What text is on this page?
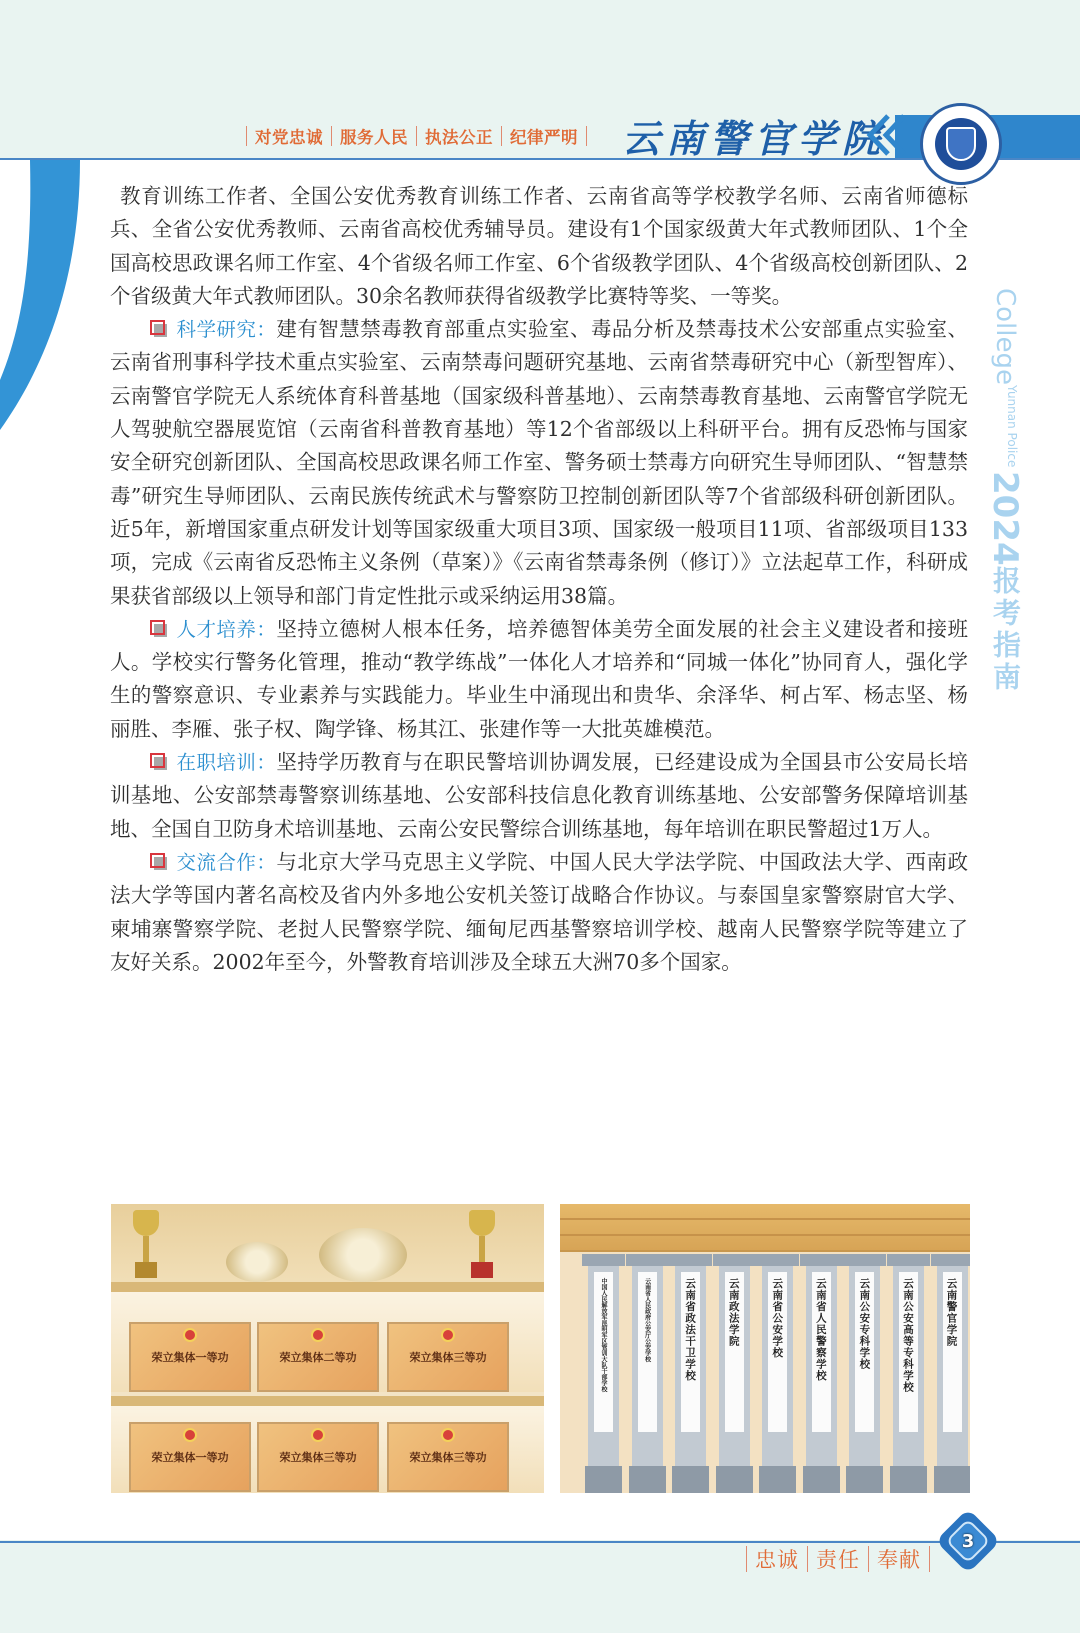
对党忠诚 服务人民 执法公正 纪律严明 云南警官学院
Yunnan Police
College
2024
报考指南

教育训练工作者、全国公安优秀教育训练工作者、云南省高等学校教学名师、云南省师德标兵、全省公安优秀教师、云南省高校优秀辅导员。建设有1个国家级黄大年式教师团队、1个全国高校思政课名师工作室、4个省级名师工作室、6个省级教学团队、4个省级高校创新团队、2个省级黄大年式教师团队。30余名教师获得省级教学比赛特等奖、一等奖。

科学研究：建有智慧禁毒教育部重点实验室、毒品分析及禁毒技术公安部重点实验室、云南省刑事科学技术重点实验室、云南禁毒问题研究基地、云南省禁毒研究中心（新型智库）、云南警官学院无人系统体育科普基地（国家级科普基地）、云南禁毒教育基地、云南警官学院无人驾驶航空器展览馆（云南省科普教育基地）等12个省部级以上科研平台。拥有反恐怖与国家安全研究创新团队、全国高校思政课名师工作室、警务硕士禁毒方向研究生导师团队、“智慧禁毒”研究生导师团队、云南民族传统武术与警察防卫控制创新团队等7个省部级科研创新团队。近5年，新增国家重点研发计划等国家级重大项目3项、国家级一般项目11项、省部级项目133项，完成《云南省反恐怖主义条例（草案）》《云南省禁毒条例（修订）》立法起草工作，科研成果获省部级以上领导和部门肯定性批示或采纳运用38篇。

人才培养：坚持立德树人根本任务，培养德智体美劳全面发展的社会主义建设者和接班人。学校实行警务化管理，推动“教学练战”一体化人才培养和“同城一体化”协同育人，强化学生的警察意识、专业素养与实践能力。毕业生中涌现出和贵华、余泽华、柯占军、杨志坚、杨丽胜、李雁、张子权、陶学锋、杨其江、张建作等一大批英雄模范。

在职培训：坚持学历教育与在职民警培训协调发展，已经建设成为全国县市公安局长培训基地、公安部禁毒警察训练基地、公安部科技信息化教育训练基地、公安部警务保障培训基地、全国自卫防身术培训基地、云南公安民警综合训练基地，每年培训在职民警超过1万人。

交流合作：与北京大学马克思主义学院、中国人民大学法学院、中国政法大学、西南政法大学等国内著名高校及省内外多地公安机关签订战略合作协议。与泰国皇家警察尉官大学、柬埔寨警察学院、老挝人民警察学院、缅甸尼西基警察培训学校、越南人民警察学院等建立了友好关系。2002年至今，外警教育培训涉及全球五大洲70多个国家。

荣立集体一等功	荣立集体二等功	荣立集体三等功
荣立集体一等功	荣立集体三等功	荣立集体三等功
中国人民解放军昆明军区管训大队干部学校	云南省人民政府公安厅公安学校	云南省政法干卫学校	云南政法学院	云南省公安学校	云南省人民警察学校	云南公安专科学校	云南公安高等专科学校	云南警官学院
忠诚 责任 奉献
3
